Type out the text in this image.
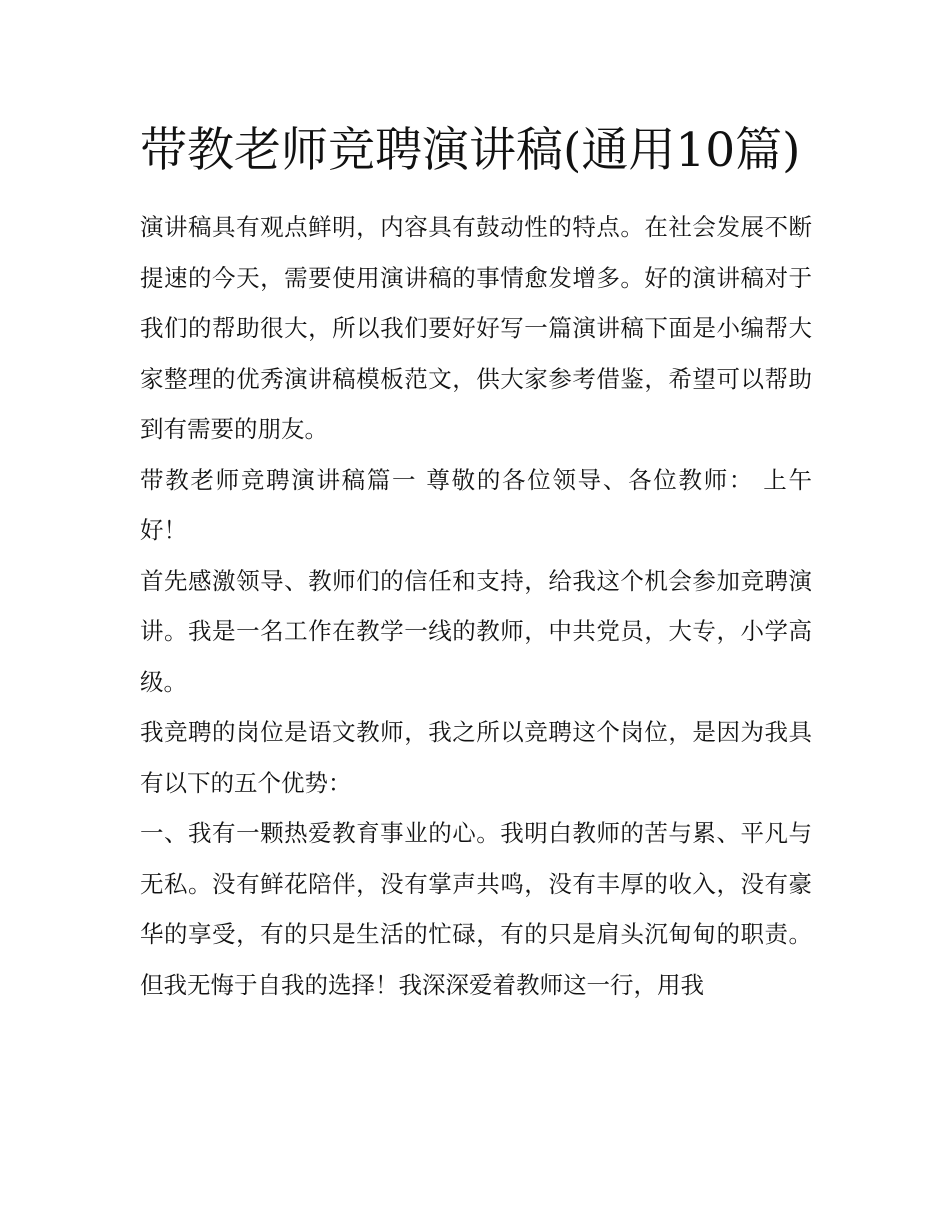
带教老师竞聘演讲稿(通用10篇)

演讲稿具有观点鲜明，内容具有鼓动性的特点。在社会发展不断提速的今天，需要使用演讲稿的事情愈发增多。好的演讲稿对于我们的帮助很大，所以我们要好好写一篇演讲稿下面是小编帮大家整理的优秀演讲稿模板范文，供大家参考借鉴，希望可以帮助到有需要的朋友。

带教老师竞聘演讲稿篇一 尊敬的各位领导、各位教师： 上午好！

首先感激领导、教师们的信任和支持，给我这个机会参加竞聘演讲。我是一名工作在教学一线的教师，中共党员，大专，小学高级。

我竞聘的岗位是语文教师，我之所以竞聘这个岗位，是因为我具有以下的五个优势：

一、我有一颗热爱教育事业的心。我明白教师的苦与累、平凡与无私。没有鲜花陪伴，没有掌声共鸣，没有丰厚的收入，没有豪华的享受，有的只是生活的忙碌，有的只是肩头沉甸甸的职责。但我无悔于自我的选择！我深深爱着教师这一行，用我
